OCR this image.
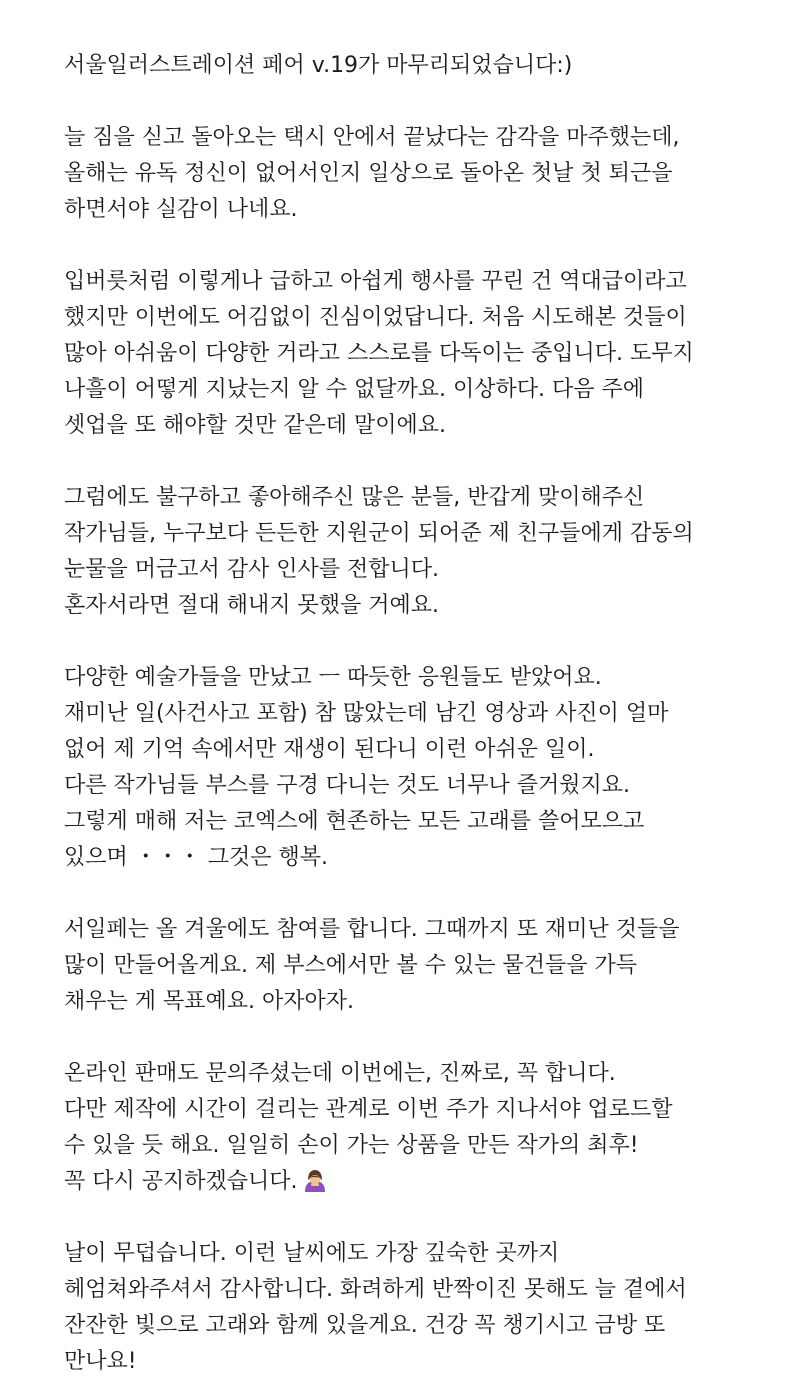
서울일러스트레이션 페어 v.19가 마무리되었습니다:)

늘 짐을 싣고 돌아오는 택시 안에서 끝났다는 감각을 마주했는데,
올해는 유독 정신이 없어서인지 일상으로 돌아온 첫날 첫 퇴근을
하면서야 실감이 나네요.

입버릇처럼 이렇게나 급하고 아쉽게 행사를 꾸린 건 역대급이라고
했지만 이번에도 어김없이 진심이었답니다. 처음 시도해본 것들이
많아 아쉬움이 다양한 거라고 스스로를 다독이는 중입니다. 도무지
나흘이 어떻게 지났는지 알 수 없달까요. 이상하다. 다음 주에
셋업을 또 해야할 것만 같은데 말이에요.

그럼에도 불구하고 좋아해주신 많은 분들, 반갑게 맞이해주신
작가님들, 누구보다 든든한 지원군이 되어준 제 친구들에게 감동의
눈물을 머금고서 감사 인사를 전합니다.
혼자서라면 절대 해내지 못했을 거예요.

다양한 예술가들을 만났고 ㅡ 따듯한 응원들도 받았어요.
재미난 일(사건사고 포함) 참 많았는데 남긴 영상과 사진이 얼마
없어 제 기억 속에서만 재생이 된다니 이런 아쉬운 일이.
다른 작가님들 부스를 구경 다니는 것도 너무나 즐거웠지요.
그렇게 매해 저는 코엑스에 현존하는 모든 고래를 쓸어모으고
있으며 ・・・ 그것은 행복.

서일페는 올 겨울에도 참여를 합니다. 그때까지 또 재미난 것들을
많이 만들어올게요. 제 부스에서만 볼 수 있는 물건들을 가득
채우는 게 목표예요. 아자아자.

온라인 판매도 문의주셨는데 이번에는, 진짜로, 꼭 합니다.
다만 제작에 시간이 걸리는 관계로 이번 주가 지나서야 업로드할
수 있을 듯 해요. 일일히 손이 가는 상품을 만든 작가의 최후!
꼭 다시 공지하겠습니다.

날이 무덥습니다. 이런 날씨에도 가장 깊숙한 곳까지
헤엄쳐와주셔서 감사합니다. 화려하게 반짝이진 못해도 늘 곁에서
잔잔한 빛으로 고래와 함께 있을게요. 건강 꼭 챙기시고 금방 또
만나요!
